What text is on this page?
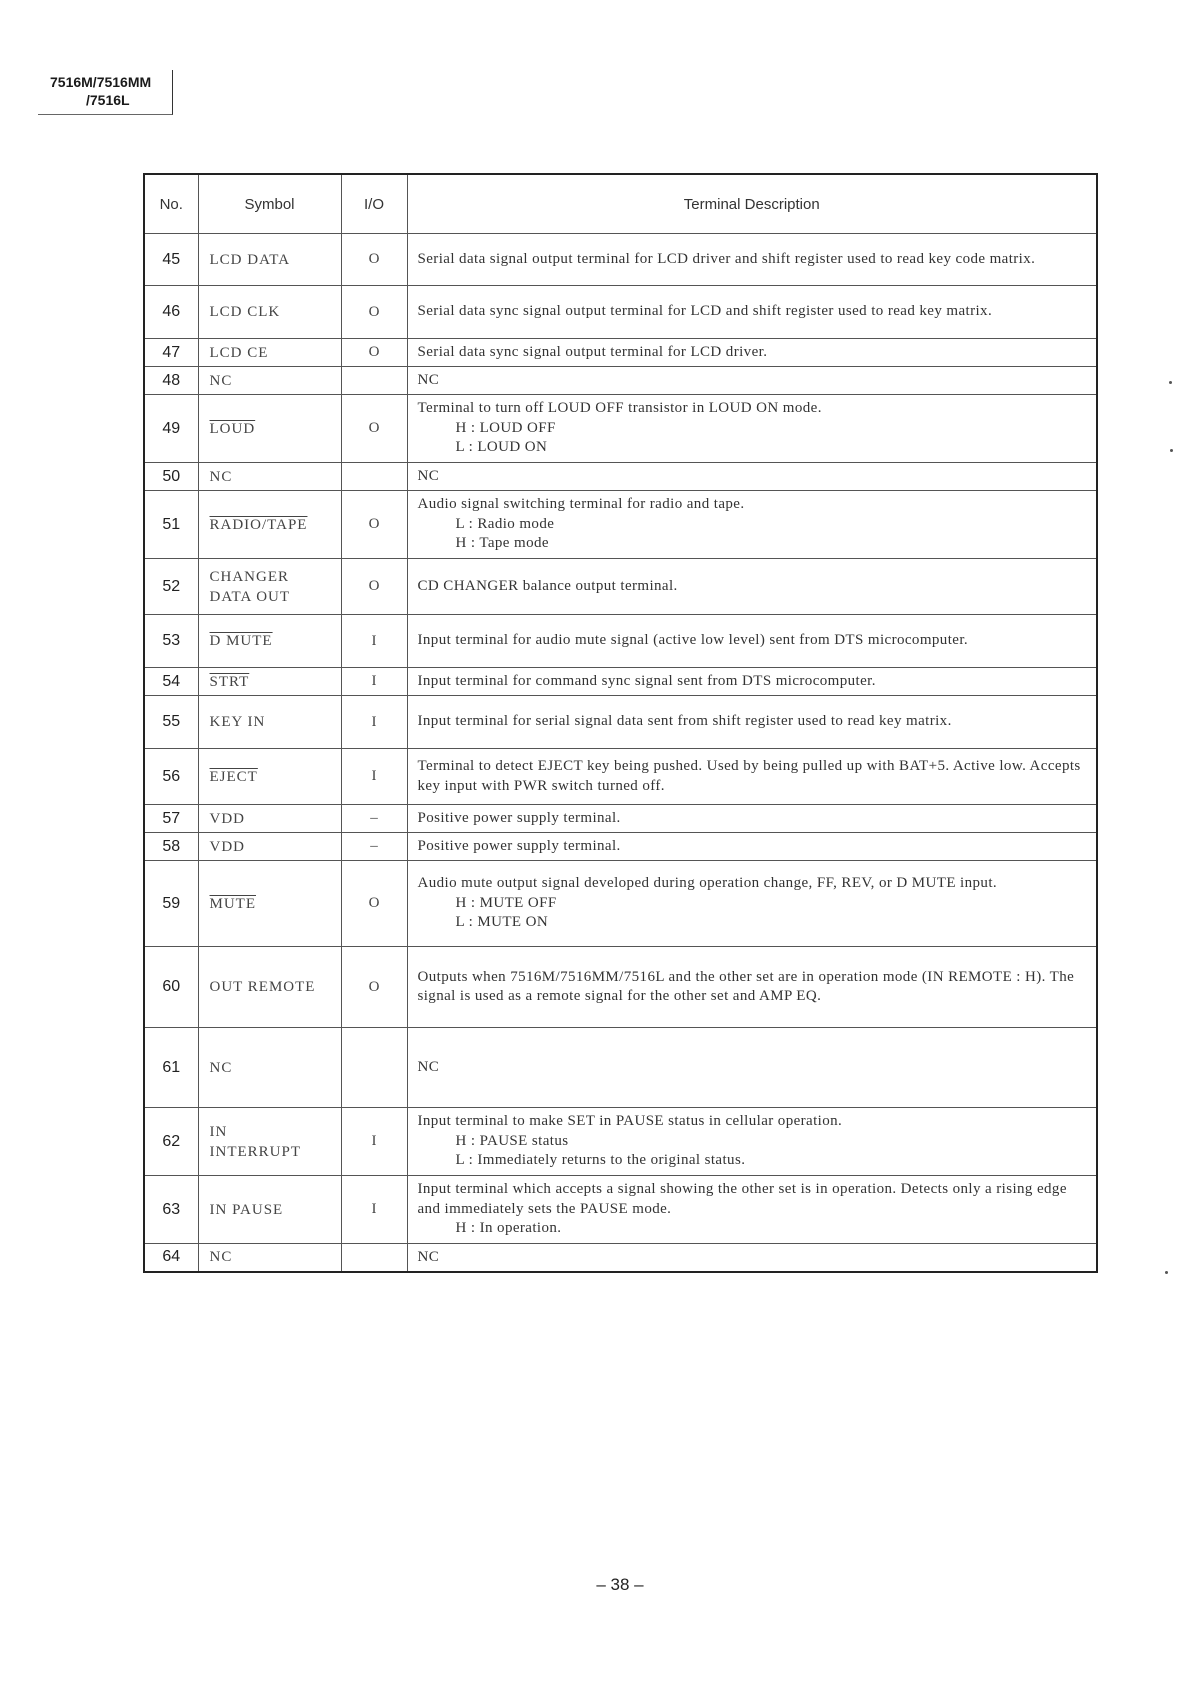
7516M/7516MM
/7516L
No.	Symbol	I/O	Terminal Description
45	LCD DATA	O	Serial data signal output terminal for LCD driver and shift register used to read key code matrix.

46	LCD CLK	O	Serial data sync signal output terminal for LCD and shift register used to read key matrix.

47	LCD CE	O	Serial data sync signal output terminal for LCD driver.

48	NC		NC

49	LOUD	O	Terminal to turn off LOUD OFF transistor in LOUD ON mode.

H : LOUD OFF

L : LOUD ON

50	NC		NC

51	RADIO/TAPE	O	Audio signal switching terminal for radio and tape.

L : Radio mode

H : Tape mode

52	CHANGER DATA OUT	O	CD CHANGER balance output terminal.

53	D MUTE	I	Input terminal for audio mute signal (active low level) sent from DTS microcomputer.

54	STRT	I	Input terminal for command sync signal sent from DTS microcomputer.

55	KEY IN	I	Input terminal for serial signal data sent from shift register used to read key matrix.

56	EJECT	I	Terminal to detect EJECT key being pushed. Used by being pulled up with BAT+5. Active low. Accepts key input with PWR switch turned off.

57	VDD	–	Positive power supply terminal.

58	VDD	–	Positive power supply terminal.

59	MUTE	O	Audio mute output signal developed during operation change, FF, REV, or D MUTE input.

H : MUTE OFF

L : MUTE ON

60	OUT REMOTE	O	Outputs when 7516M/7516MM/7516L and the other set are in operation mode (IN REMOTE : H). The signal is used as a remote signal for the other set and AMP EQ.

61	NC		NC

62	IN INTERRUPT	I	Input terminal to make SET in PAUSE status in cellular operation.

H : PAUSE status

L : Immediately returns to the original status.

63	IN PAUSE	I	Input terminal which accepts a signal showing the other set is in operation. Detects only a rising edge and immediately sets the PAUSE mode.

H : In operation.

64	NC		NC

– 38 –
